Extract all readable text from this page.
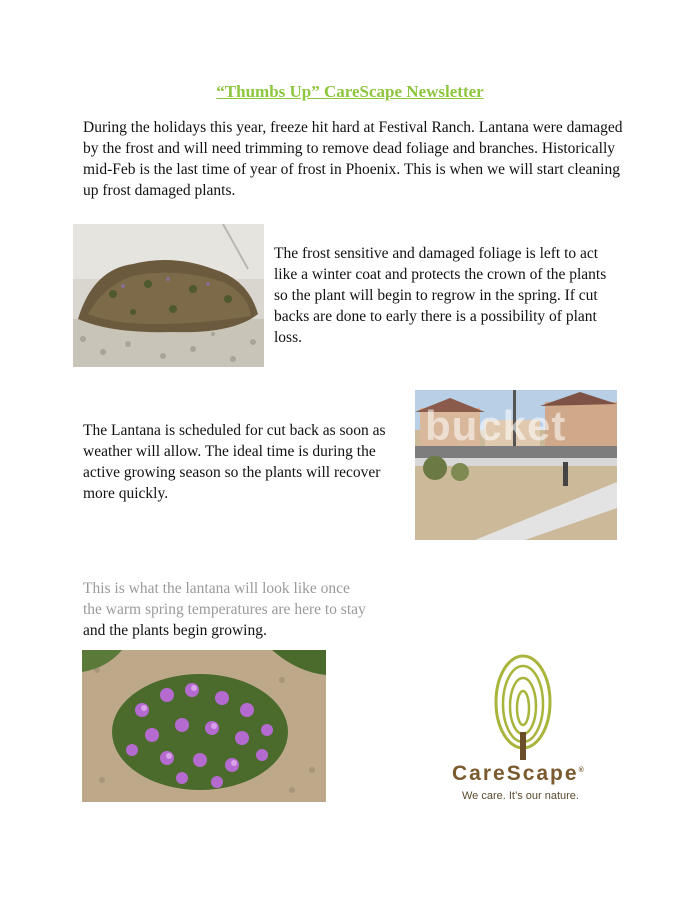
“Thumbs Up” CareScape Newsletter

During the holidays this year, freeze hit hard at Festival Ranch. Lantana were damaged by the frost and will need trimming to remove dead foliage and branches. Historically mid-Feb is the last time of year of frost in Phoenix. This is when we will start cleaning up frost damaged plants.

The frost sensitive and damaged foliage is left to act like a winter coat and protects the crown of the plants so the plant will begin to regrow in the spring. If cut backs are done to early there is a possibility of plant loss.

The Lantana is scheduled for cut back as soon as weather will allow. The ideal time is during the active growing season so the plants will recover more quickly.

bucket

This is what the lantana will look like once
the warm spring temperatures are here to stay
and the plants begin growing.

CareScape®
We care. It’s our nature.
